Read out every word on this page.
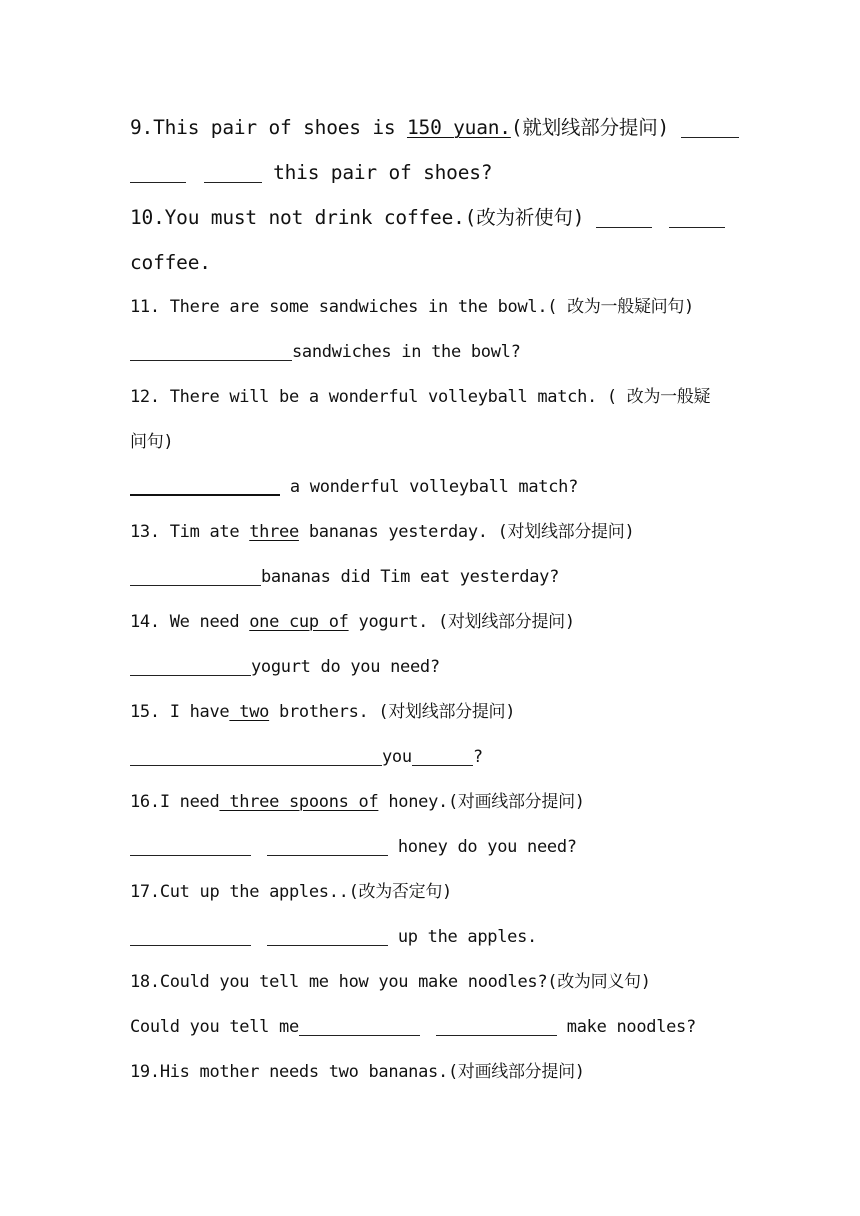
9.This pair of shoes is 150 yuan.(就划线部分提问)
this pair of shoes?
10.You must not drink coffee.(改为祈使句)
coffee.
11. There are some sandwiches in the bowl.( 改为一般疑问句)
sandwiches in the bowl?
12. There will be a wonderful volleyball match. ( 改为一般疑
问句)
a wonderful volleyball match?
13. Tim ate three bananas yesterday. (对划线部分提问)
bananas did Tim eat yesterday?
14. We need one cup of yogurt. (对划线部分提问)
yogurt do you need?
15. I have two brothers. (对划线部分提问)
you	?
16.I need three spoons of honey.(对画线部分提问)
honey do you need?
17.Cut up the apples..(改为否定句)
up the apples.
18.Could you tell me how you make noodles?(改为同义句)
Could you tell me	make noodles?
19.His mother needs two bananas.(对画线部分提问)
